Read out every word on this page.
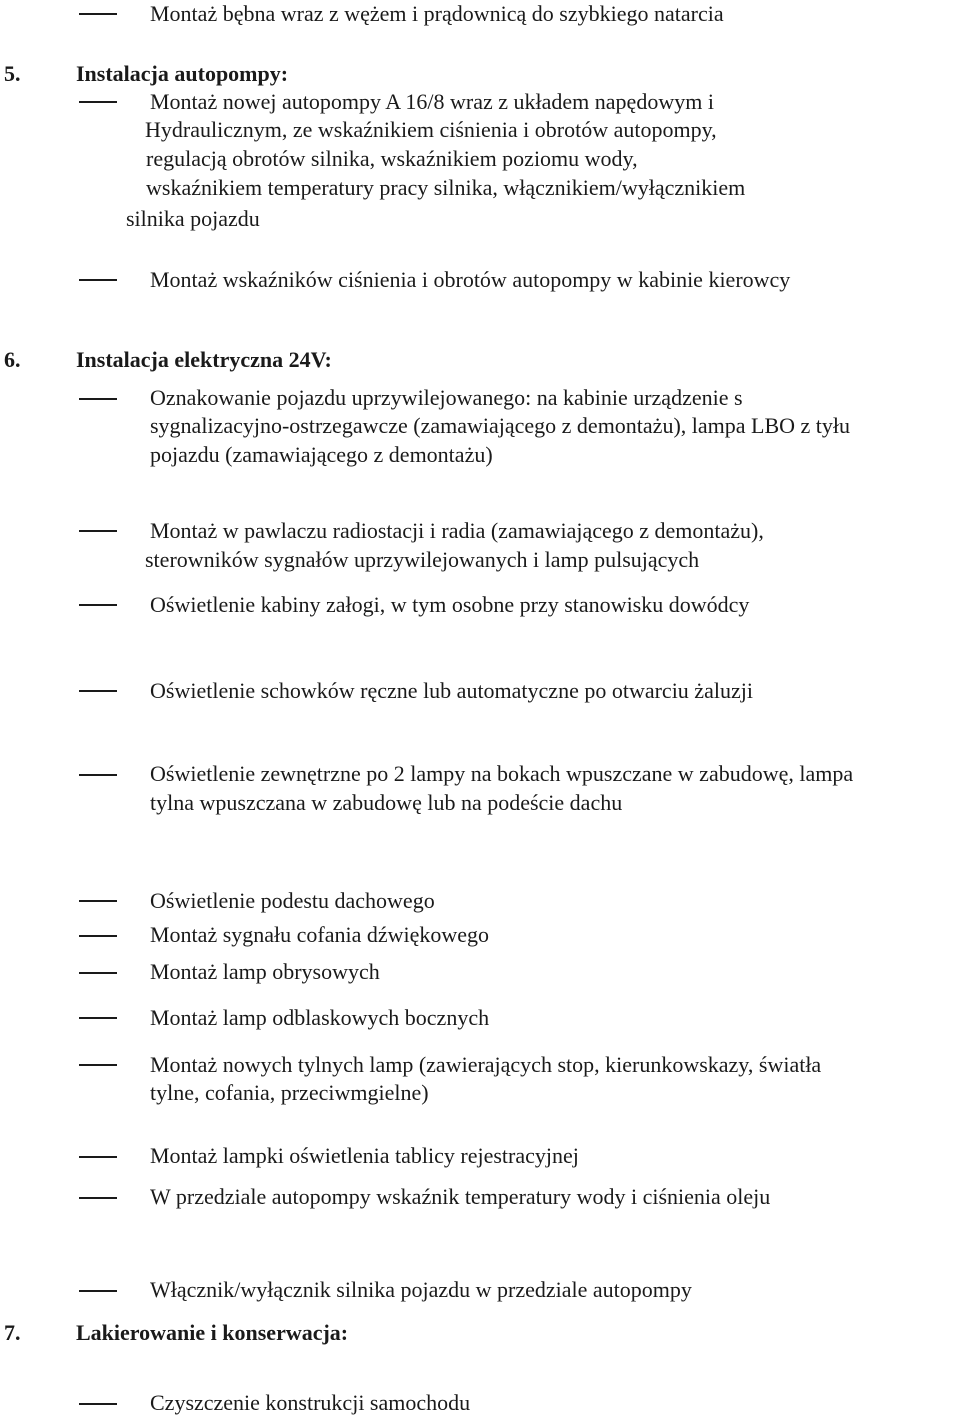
Montaż bębna wraz z wężem i prądownicą do szybkiego natarcia
5.	Instalacja autopompy:
Montaż nowej autopompy A 16/8 wraz z układem napędowym i
Hydraulicznym, ze wskaźnikiem ciśnienia i obrotów autopompy,
regulacją obrotów silnika, wskaźnikiem poziomu wody,
wskaźnikiem temperatury pracy silnika, włącznikiem/wyłącznikiem
silnika pojazdu
Montaż wskaźników ciśnienia i obrotów autopompy w kabinie kierowcy
6.	Instalacja elektryczna 24V:
Oznakowanie pojazdu uprzywilejowanego: na kabinie urządzenie s
sygnalizacyjno-ostrzegawcze (zamawiającego z demontażu), lampa LBO z tyłu
pojazdu (zamawiającego z demontażu)
Montaż w pawlaczu radiostacji i radia (zamawiającego z demontażu),
sterowników sygnałów uprzywilejowanych i lamp pulsujących
Oświetlenie kabiny załogi, w tym osobne przy stanowisku dowódcy
Oświetlenie schowków ręczne lub automatyczne po otwarciu żaluzji
Oświetlenie zewnętrzne po 2 lampy na bokach wpuszczane w zabudowę, lampa
tylna wpuszczana w zabudowę lub na podeście dachu
Oświetlenie podestu dachowego
Montaż sygnału cofania dźwiękowego
Montaż lamp obrysowych
Montaż lamp odblaskowych bocznych
Montaż nowych tylnych lamp (zawierających stop, kierunkowskazy, światła
tylne, cofania, przeciwmgielne)
Montaż lampki oświetlenia tablicy rejestracyjnej
W przedziale autopompy wskaźnik temperatury wody i ciśnienia oleju
Włącznik/wyłącznik silnika pojazdu w przedziale autopompy
7.	Lakierowanie i konserwacja:
Czyszczenie konstrukcji samochodu
